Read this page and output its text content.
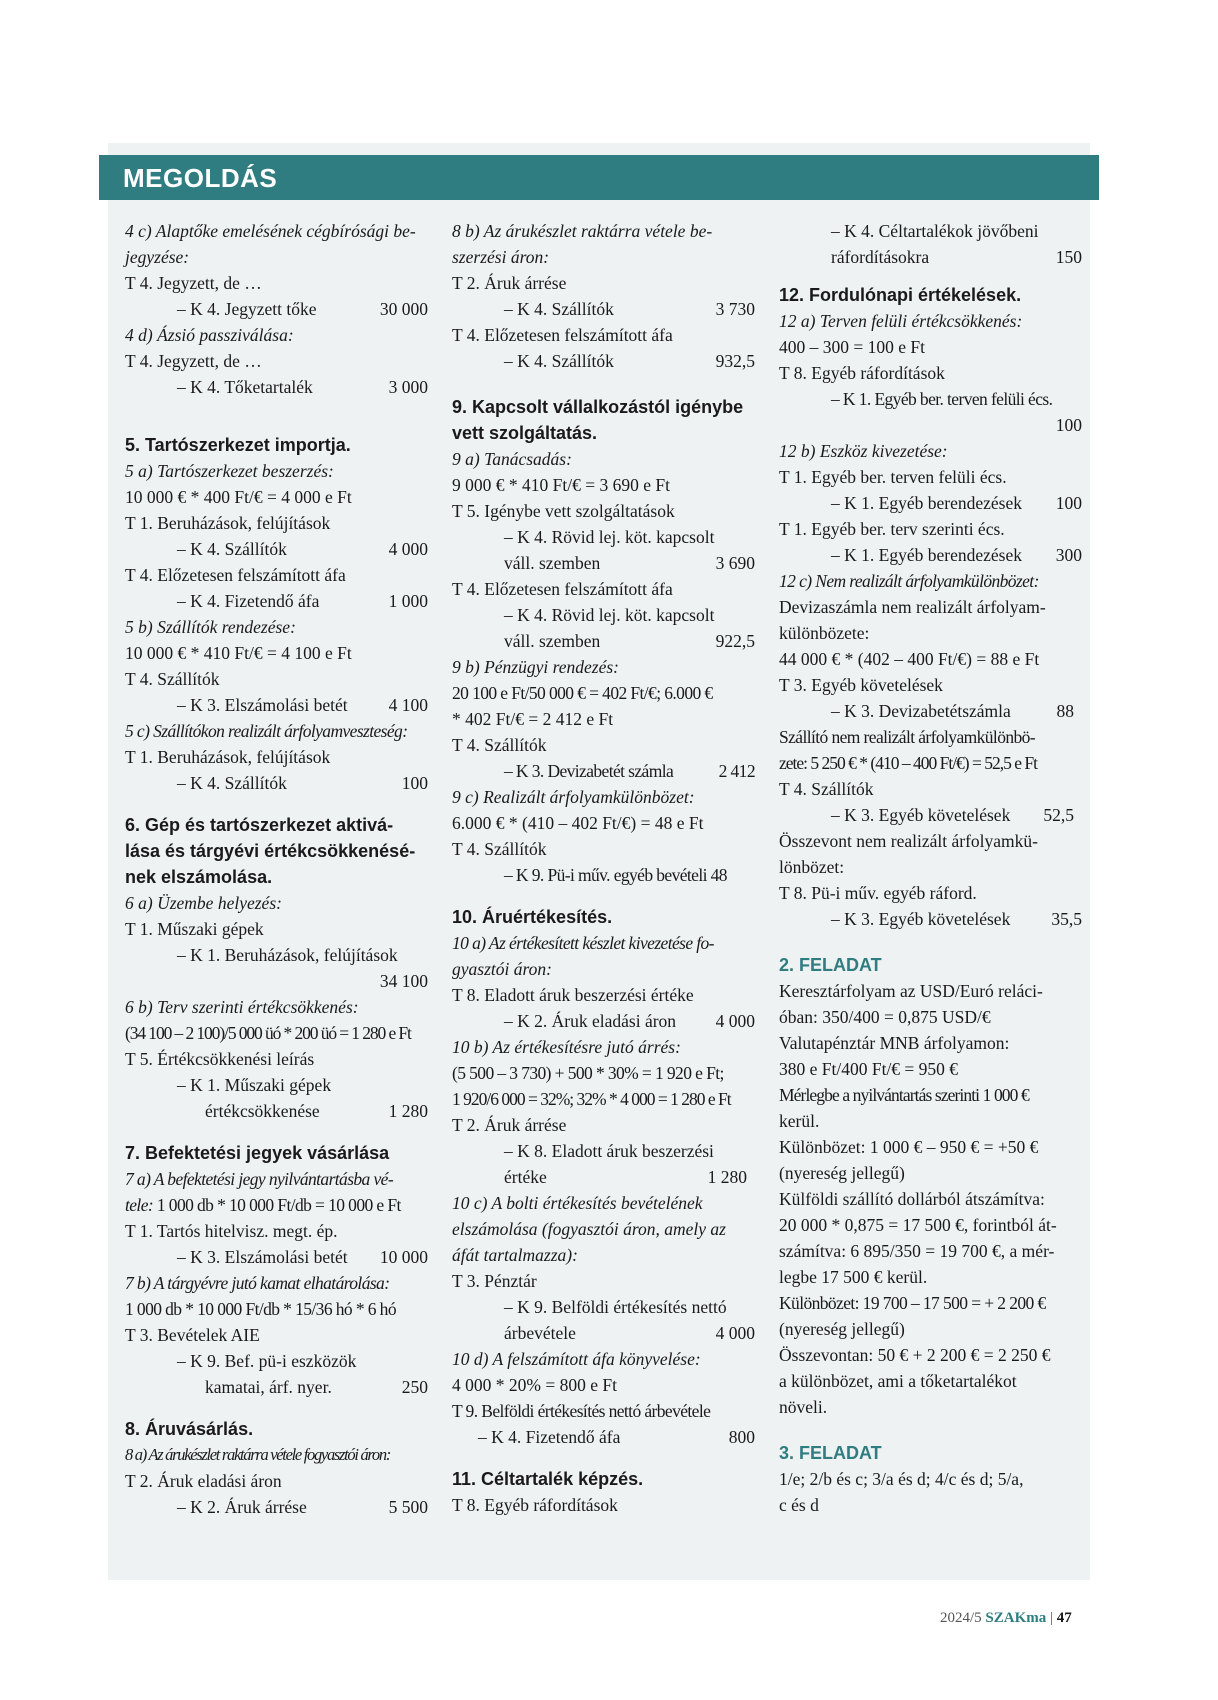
MEGOLDÁS
4 c) Alaptőke emelésének cégbírósági be-
jegyzése:
T 4. Jegyzett, de …
– K 4. Jegyzett tőke	30 000
4 d) Ázsió passziválása:
T 4. Jegyzett, de …
– K 4. Tőketartalék	3 000
5. Tartószerkezet importja.
5 a) Tartószerkezet beszerzés:
10 000 € * 400 Ft/€ = 4 000 e Ft
T 1. Beruházások, felújítások
– K 4. Szállítók	4 000
T 4. Előzetesen felszámított áfa
– K 4. Fizetendő áfa	1 000
5 b) Szállítók rendezése:
10 000 € * 410 Ft/€ = 4 100 e Ft
T 4. Szállítók
– K 3. Elszámolási betét 4 100
5 c) Szállítókon realizált árfolyamveszteség:
T 1. Beruházások, felújítások
– K 4. Szállítók	100
6. Gép és tartószerkezet aktivá-
lása és tárgyévi értékcsökkenésé-
nek elszámolása.
6 a) Üzembe helyezés:
T 1. Műszaki gépek
– K 1. Beruházások, felújítások
34 100
6 b) Terv szerinti értékcsökkenés:
(34 100 – 2 100)/5 000 üó * 200 üó = 1 280 e Ft
T 5. Értékcsökkenési leírás
– K 1. Műszaki gépek
értékcsökkenése	1 280
7. Befektetési jegyek vásárlása
7 a) A befektetési jegy nyilvántartásba vé-
tele: 1 000 db * 10 000 Ft/db = 10 000 e Ft
T 1. Tartós hitelvisz. megt. ép.
– K 3. Elszámolási betét 10 000
7 b) A tárgyévre jutó kamat elhatárolása:
1 000 db * 10 000 Ft/db * 15/36 hó * 6 hó
T 3. Bevételek AIE
– K 9. Bef. pü-i eszközök
kamatai, árf. nyer.	250
8. Áruvásárlás.
8 a) Az árukészlet raktárra vétele fogyasztói áron:
T 2. Áruk eladási áron
– K 2. Áruk árrése	5 500
8 b) Az árukészlet raktárra vétele be-
szerzési áron:
T 2. Áruk árrése
– K 4. Szállítók	3 730
T 4. Előzetesen felszámított áfa
– K 4. Szállítók	932,5
9. Kapcsolt vállalkozástól igénybe
vett szolgáltatás.
9 a) Tanácsadás:
9 000 € * 410 Ft/€ = 3 690 e Ft
T 5. Igénybe vett szolgáltatások
– K 4. Rövid lej. köt. kapcsolt
váll. szemben	3 690
T 4. Előzetesen felszámított áfa
– K 4. Rövid lej. köt. kapcsolt
váll. szemben	922,5
9 b) Pénzügyi rendezés:
20 100 e Ft/50 000 € = 402 Ft/€; 6.000 €
* 402 Ft/€ = 2 412 e Ft
T 4. Szállítók
– K 3. Devizabetét számla	2 412
9 c) Realizált árfolyamkülönbözet:
6.000 € * (410 – 402 Ft/€) = 48 e Ft
T 4. Szállítók
– K 9. Pü-i műv. egyéb bevételi 48
10. Áruértékesítés.
10 a) Az értékesített készlet kivezetése fo-
gyasztói áron:
T 8. Eladott áruk beszerzési értéke
– K 2. Áruk eladási áron 4 000
10 b) Az értékesítésre jutó árrés:
(5 500 – 3 730) + 500 * 30% = 1 920 e Ft;
1 920/6 000 = 32%; 32% * 4 000 = 1 280 e Ft
T 2. Áruk árrése
– K 8. Eladott áruk beszerzési
értéke	1 280
10 c) A bolti értékesítés bevételének
elszámolása (fogyasztói áron, amely az
áfát tartalmazza):
T 3. Pénztár
– K 9. Belföldi értékesítés nettó
árbevétele	4 000
10 d) A felszámított áfa könyvelése:
4 000 * 20% = 800 e Ft
T 9. Belföldi értékesítés nettó árbevétele
– K 4. Fizetendő áfa	800
11. Céltartalék képzés.
T 8. Egyéb ráfordítások
– K 4. Céltartalékok jövőbeni
ráfordításokra	150
12. Fordulónapi értékelések.
12 a) Terven felüli értékcsökkenés:
400 – 300 = 100 e Ft
T 8. Egyéb ráfordítások
– K 1. Egyéb ber. terven felüli écs.
100
12 b) Eszköz kivezetése:
T 1. Egyéb ber. terven felüli écs.
– K 1. Egyéb berendezések 100
T 1. Egyéb ber. terv szerinti écs.
– K 1. Egyéb berendezések 300
12 c) Nem realizált árfolyamkülönbözet:
Devizaszámla nem realizált árfolyam-
különbözete:
44 000 € * (402 – 400 Ft/€) = 88 e Ft
T 3. Egyéb követelések
– K 3. Devizabetétszámla	88
Szállító nem realizált árfolyamkülönbö-
zete: 5 250 € * (410 – 400 Ft/€) = 52,5 e Ft
T 4. Szállítók
– K 3. Egyéb követelések 52,5
Összevont nem realizált árfolyamkü-
lönbözet:
T 8. Pü-i műv. egyéb ráford.
– K 3. Egyéb követelések 35,5
2. FELADAT
Keresztárfolyam az USD/Euró reláci-
óban: 350/400 = 0,875 USD/€
Valutapénztár MNB árfolyamon:
380 e Ft/400 Ft/€ = 950 €
Mérlegbe a nyilvántartás szerinti 1 000 €
kerül.
Különbözet: 1 000 € – 950 € = +50 €
(nyereség jellegű)
Külföldi szállító dollárból átszámítva:
20 000 * 0,875 = 17 500 €, forintból át-
számítva: 6 895/350 = 19 700 €, a mér-
legbe 17 500 € kerül.
Különbözet: 19 700 – 17 500 = + 2 200 €
(nyereség jellegű)
Összevontan: 50 € + 2 200 € = 2 250 €
a különbözet, ami a tőketartalékot
növeli.
3. FELADAT
1/e; 2/b és c; 3/a és d; 4/c és d; 5/a,
c és d
2024/5 SZAKma | 47
